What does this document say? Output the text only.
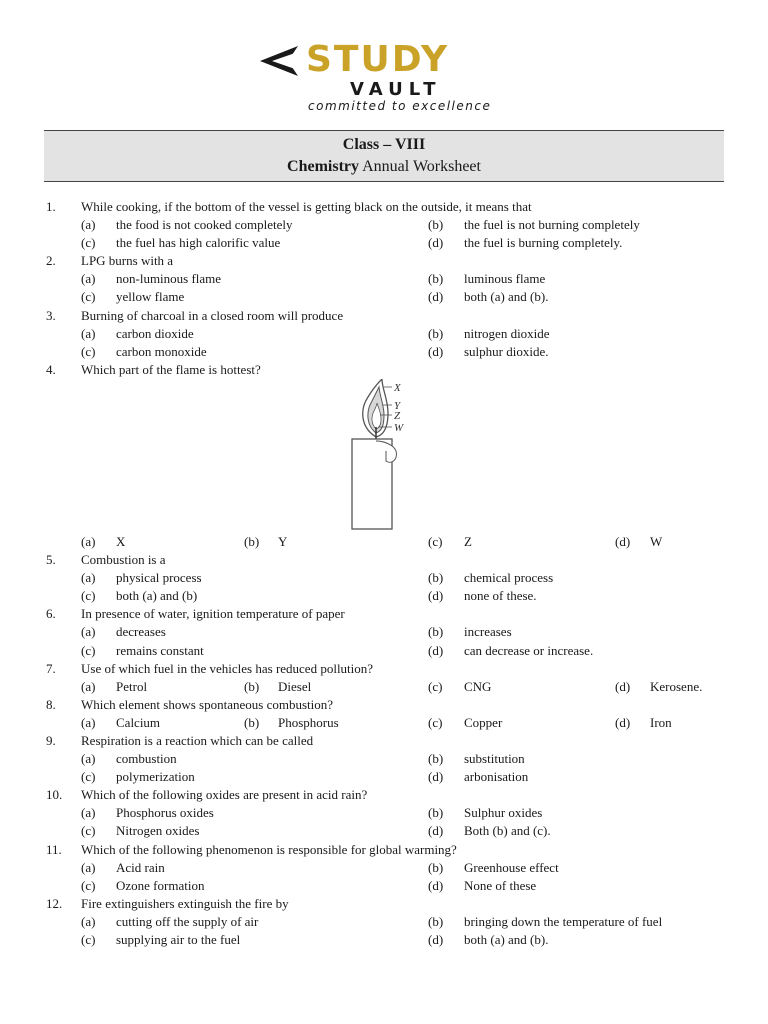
STUDY
VAULT
committed to excellence
Class – VIII
Chemistry Annual Worksheet
1. While cooking, if the bottom of the vessel is getting black on the outside, it means that
(a) the food is not cooked completely	(b) the fuel is not burning completely
(c) the fuel has high calorific value	(d) the fuel is burning completely.
2. LPG burns with a
(a) non-luminous flame	(b) luminous flame
(c) yellow flame	(d) both (a) and (b).
3. Burning of charcoal in a closed room will produce
(a) carbon dioxide	(b) nitrogen dioxide
(c) carbon monoxide	(d) sulphur dioxide.
4. Which part of the flame is hottest?
X
Y
Z
W
(a) X	(b) Y	(c) Z	(d) W
5. Combustion is a
(a) physical process	(b) chemical process
(c) both (a) and (b)	(d) none of these.
6. In presence of water, ignition temperature of paper
(a) decreases	(b) increases
(c) remains constant	(d) can decrease or increase.
7. Use of which fuel in the vehicles has reduced pollution?
(a) Petrol	(b) Diesel	(c) CNG	(d) Kerosene.
8. Which element shows spontaneous combustion?
(a) Calcium	(b) Phosphorus	(c) Copper	(d) Iron
9. Respiration is a reaction which can be called
(a) combustion	(b) substitution
(c) polymerization	(d) arbonisation
10. Which of the following oxides are present in acid rain?
(a) Phosphorus oxides	(b) Sulphur oxides
(c) Nitrogen oxides	(d) Both (b) and (c).
11. Which of the following phenomenon is responsible for global warming?
(a) Acid rain	(b) Greenhouse effect
(c) Ozone formation	(d) None of these
12. Fire extinguishers extinguish the fire by
(a) cutting off the supply of air	(b) bringing down the temperature of fuel
(c) supplying air to the fuel	(d) both (a) and (b).
